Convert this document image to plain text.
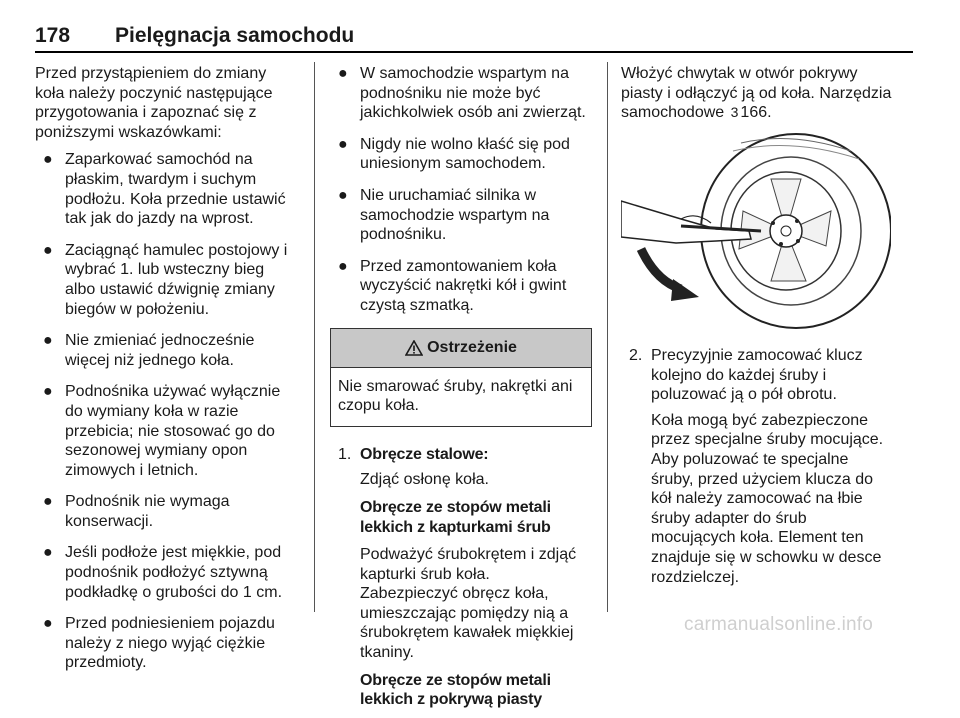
178 Pielęgnacja samochodu

Przed przystąpieniem do zmiany koła należy poczynić następujące przygotowania i zapoznać się z poniższymi wskazówkami:

● Zaparkować samochód na płaskim, twardym i suchym podłożu. Koła przednie ustawić tak jak do jazdy na wprost.
● Zaciągnąć hamulec postojowy i wybrać 1. lub wsteczny bieg albo ustawić dźwignię zmiany biegów w położeniu.
● Nie zmieniać jednocześnie więcej niż jednego koła.
● Podnośnika używać wyłącznie do wymiany koła w razie przebicia; nie stosować go do sezonowej wymiany opon zimowych i letnich.
● Podnośnik nie wymaga konserwacji.
● Jeśli podłoże jest miękkie, pod podnośnik podłożyć sztywną podkładkę o grubości do 1 cm.
● Przed podniesieniem pojazdu należy z niego wyjąć ciężkie przedmioty.
● W samochodzie wspartym na podnośniku nie może być jakichkolwiek osób ani zwierząt.
● Nigdy nie wolno kłaść się pod uniesionym samochodem.
● Nie uruchamiać silnika w samochodzie wspartym na podnośniku.
● Przed zamontowaniem koła wyczyścić nakrętki kół i gwint czystą szmatką.
Ostrzeżenie
Nie smarować śruby, nakrętki ani czopu koła.
1. Obręcze stalowe:

Zdjąć osłonę koła.

Obręcze ze stopów metali lekkich z kapturkami śrub

Podważyć śrubokrętem i zdjąć kapturki śrub koła. Zabezpieczyć obręcz koła, umieszczając pomiędzy nią a śrubokrętem kawałek miękkiej tkaniny.

Obręcze ze stopów metali lekkich z pokrywą piasty

Włożyć chwytak w otwór pokrywy piasty i odłączyć ją od koła. Narzędzia samochodowe 3 166.

2. Precyzyjnie zamocować klucz kolejno do każdej śruby i poluzować ją o pół obrotu.

Koła mogą być zabezpieczone przez specjalne śruby mocujące. Aby poluzować te specjalne śruby, przed użyciem klucza do kół należy zamocować na łbie śruby adapter do śrub mocujących koła. Element ten znajduje się w schowku w desce rozdzielczej.

carmanualsonline.info
